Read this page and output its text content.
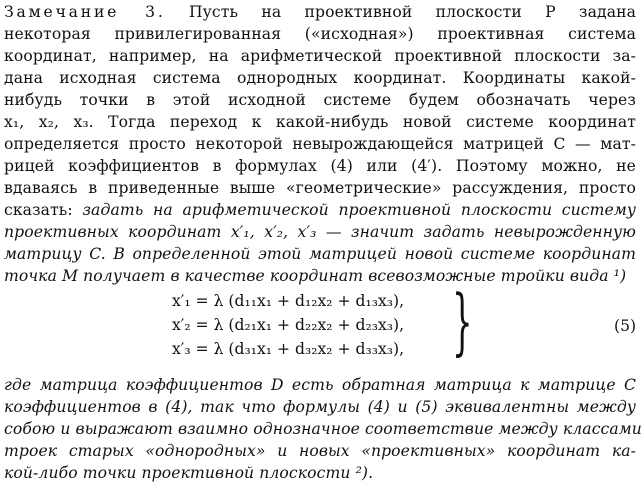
Замечание 3. Пусть на проективной плоскости P задана
некоторая привилегированная («исходная») проективная система
координат, например, на арифметической проективной плоскости за-
дана исходная система однородных координат. Координаты какой-
нибудь точки в этой исходной системе будем обозначать через
x₁, x₂, x₃. Тогда переход к какой-нибудь новой системе координат
определяется просто некоторой невырождающейся матрицей C — мат-
рицей коэффициентов в формулах (4) или (4′). Поэтому можно, не
вдаваясь в приведенные выше «геометрические» рассуждения, просто
сказать: задать на арифметической проективной плоскости систему
проективных координат x′₁, x′₂, x′₃ — значит задать невырожденную
матрицу C. В определенной этой матрицей новой системе координат
точка M получает в качестве координат всевозможные тройки вида ¹)
x′₁ = λ (d₁₁x₁ + d₁₂x₂ + d₁₃x₃),
x′₂ = λ (d₂₁x₁ + d₂₂x₂ + d₂₃x₃),
x′₃ = λ (d₃₁x₁ + d₃₂x₂ + d₃₃x₃), }	(5)
где матрица коэффициентов D есть обратная матрица к матрице C
коэффициентов в (4), так что формулы (4) и (5) эквивалентны между
собою и выражают взаимно однозначное соответствие между классами
троек старых «однородных» и новых «проективных» координат ка-
кой-либо точки проективной плоскости ²).
